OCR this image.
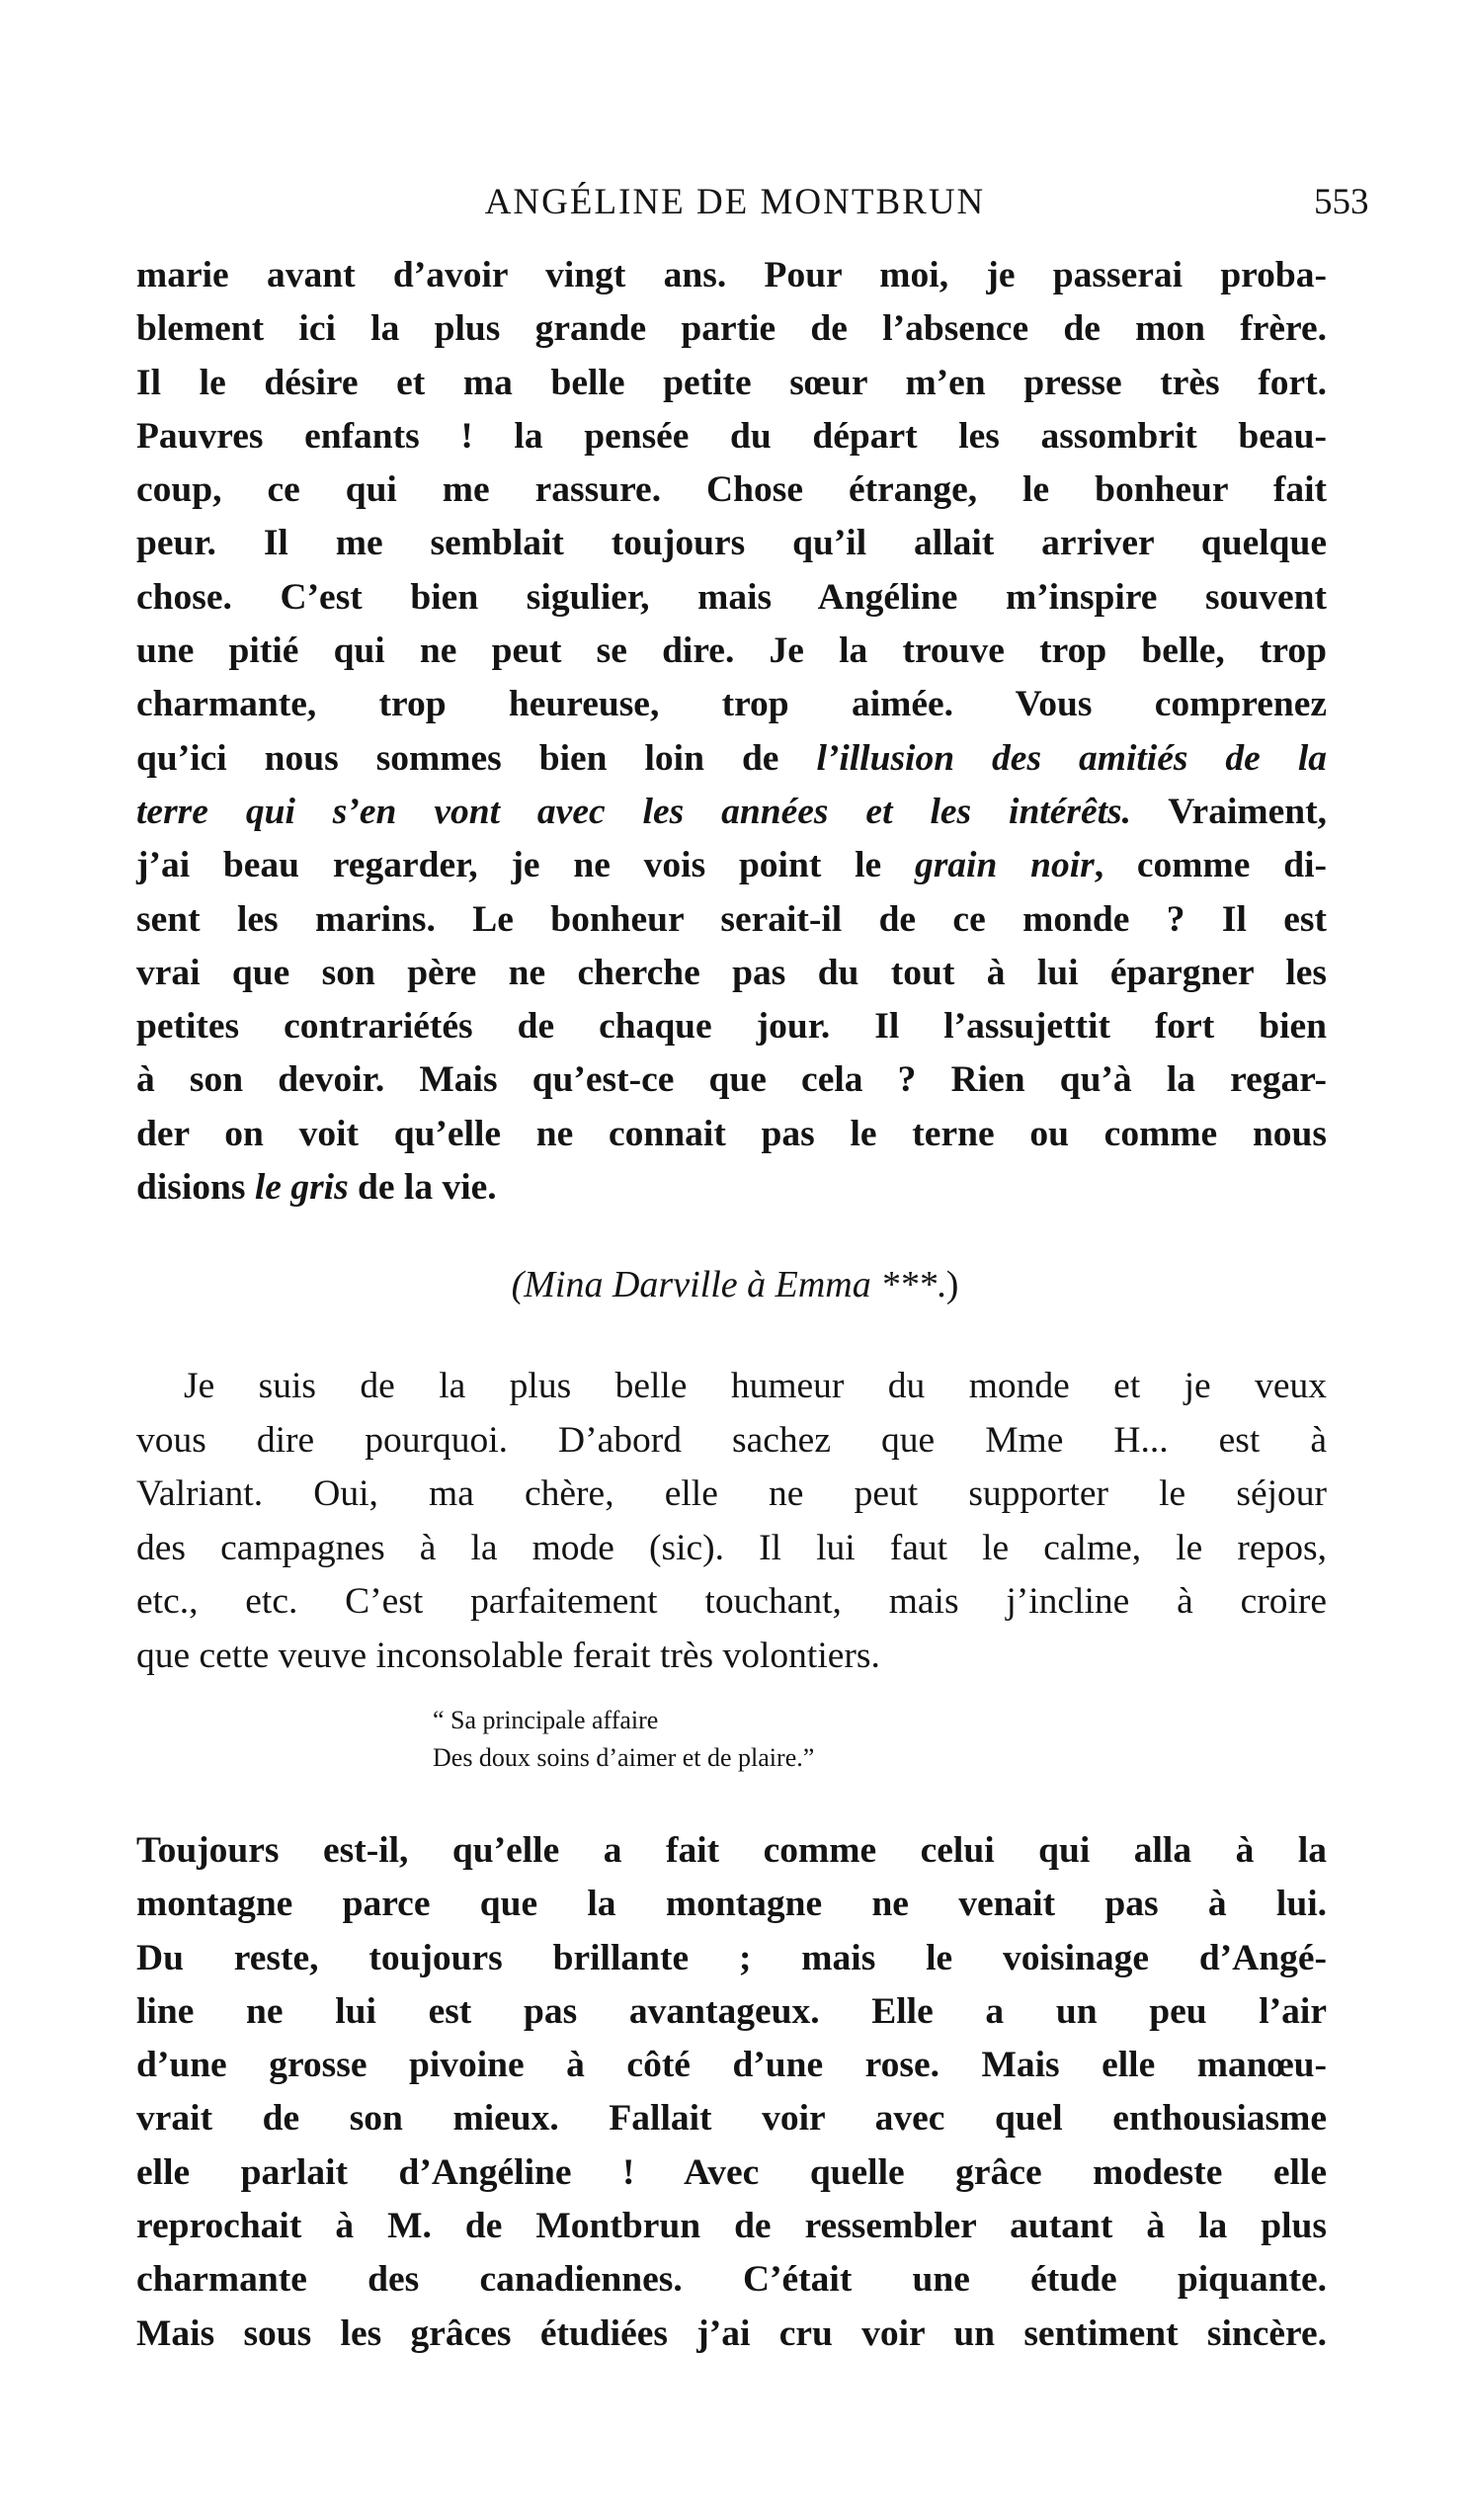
ANGÉLINE DE MONTBRUN	553
marie avant d’avoir vingt ans. Pour moi, je passerai proba-
blement ici la plus grande partie de l’absence de mon frère.
Il le désire et ma belle petite sœur m’en presse très fort.
Pauvres enfants ! la pensée du départ les assombrit beau-
coup, ce qui me rassure. Chose étrange, le bonheur fait
peur. Il me semblait toujours qu’il allait arriver quelque
chose. C’est bien sigulier, mais Angéline m’inspire souvent
une pitié qui ne peut se dire. Je la trouve trop belle, trop
charmante, trop heureuse, trop aimée. Vous comprenez
qu’ici nous sommes bien loin de l’illusion des amitiés de la
terre qui s’en vont avec les années et les intérêts. Vraiment,
j’ai beau regarder, je ne vois point le grain noir, comme di-
sent les marins. Le bonheur serait-il de ce monde ? Il est
vrai que son père ne cherche pas du tout à lui épargner les
petites contrariétés de chaque jour. Il l’assujettit fort bien
à son devoir. Mais qu’est-ce que cela ? Rien qu’à la regar-
der on voit qu’elle ne connait pas le terne ou comme nous
disions le gris de la vie.
(Mina Darville à Emma ***.)
Je suis de la plus belle humeur du monde et je veux
vous dire pourquoi. D’abord sachez que Mme H... est à
Valriant. Oui, ma chère, elle ne peut supporter le séjour
des campagnes à la mode (sic). Il lui faut le calme, le repos,
etc., etc. C’est parfaitement touchant, mais j’incline à croire
que cette veuve inconsolable ferait très volontiers.
“ Sa principale affaire
Des doux soins d’aimer et de plaire.”
Toujours est-il, qu’elle a fait comme celui qui alla à la
montagne parce que la montagne ne venait pas à lui.
Du reste, toujours brillante ; mais le voisinage d’Angé-
line ne lui est pas avantageux. Elle a un peu l’air
d’une grosse pivoine à côté d’une rose. Mais elle manœu-
vrait de son mieux. Fallait voir avec quel enthousiasme
elle parlait d’Angéline ! Avec quelle grâce modeste elle
reprochait à M. de Montbrun de ressembler autant à la plus
charmante des canadiennes. C’était une étude piquante.
Mais sous les grâces étudiées j’ai cru voir un sentiment sincère.
